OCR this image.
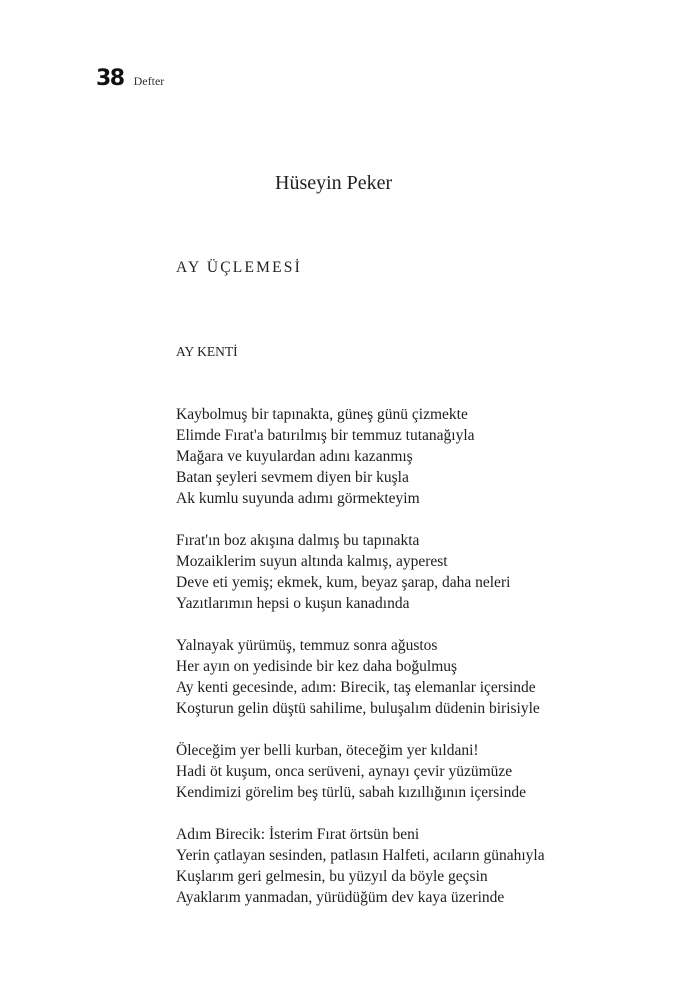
38 Defter
Hüseyin Peker
AY ÜÇLEMESİ
AY KENTİ
Kaybolmuş bir tapınakta, güneş günü çizmekte
Elimde Fırat'a batırılmış bir temmuz tutanağıyla
Mağara ve kuyulardan adını kazanmış
Batan şeyleri sevmem diyen bir kuşla
Ak kumlu suyunda adımı görmekteyim
Fırat'ın boz akışına dalmış bu tapınakta
Mozaiklerim suyun altında kalmış, ayperest
Deve eti yemiş; ekmek, kum, beyaz şarap, daha neleri
Yazıtlarımın hepsi o kuşun kanadında
Yalnayak yürümüş, temmuz sonra ağustos
Her ayın on yedisinde bir kez daha boğulmuş
Ay kenti gecesinde, adım: Birecik, taş elemanlar içersinde
Koşturun gelin düştü sahilime, buluşalım düdenin birisiyle
Öleceğim yer belli kurban, öteceğim yer kıldani!
Hadi öt kuşum, onca serüveni, aynayı çevir yüzümüze
Kendimizi görelim beş türlü, sabah kızıllığının içersinde
Adım Birecik: İsterim Fırat örtsün beni
Yerin çatlayan sesinden, patlasın Halfeti, acıların günahıyla
Kuşlarım geri gelmesin, bu yüzyıl da böyle geçsin
Ayaklarım yanmadan, yürüdüğüm dev kaya üzerinde
